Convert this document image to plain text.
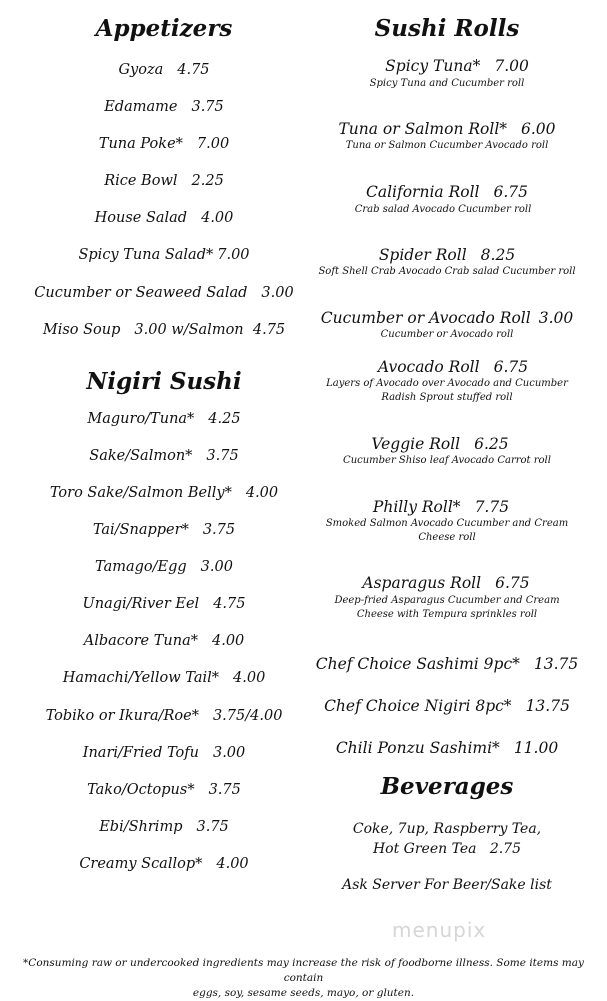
Appetizers
Gyoza 4.75
Edamame 3.75
Tuna Poke* 7.00
Rice Bowl 2.25
House Salad 4.00
Spicy Tuna Salad* 7.00
Cucumber or Seaweed Salad 3.00
Miso Soup 3.00 w/Salmon  4.75
Nigiri Sushi
Maguro/Tuna* 4.25
Sake/Salmon* 3.75
Toro Sake/Salmon Belly* 4.00
Tai/Snapper* 3.75
Tamago/Egg 3.00
Unagi/River Eel 4.75
Albacore Tuna* 4.00
Hamachi/Yellow Tail* 4.00
Tobiko or Ikura/Roe* 3.75/4.00
Inari/Fried Tofu 3.00
Tako/Octopus* 3.75
Ebi/Shrimp 3.75
Creamy Scallop* 4.00
Sushi Rolls
Spicy Tuna* 7.00
Spicy Tuna and Cucumber roll
Tuna or Salmon Roll* 6.00
Tuna or Salmon Cucumber Avocado roll
California Roll 6.75
Crab salad Avocado Cucumber roll
Spider Roll 8.25
Soft Shell Crab Avocado Crab salad Cucumber roll
Cucumber or Avocado Roll 3.00
Cucumber or Avocado roll
Avocado Roll 6.75
Layers of Avocado over Avocado and Cucumber
Radish Sprout stuffed roll
Veggie Roll 6.25
Cucumber Shiso leaf Avocado Carrot roll
Philly Roll* 7.75
Smoked Salmon Avocado Cucumber and Cream
Cheese roll
Asparagus Roll 6.75
Deep-fried Asparagus Cucumber and Cream
Cheese with Tempura sprinkles roll
Chef Choice Sashimi 9pc* 13.75
Chef Choice Nigiri 8pc* 13.75
Chili Ponzu Sashimi* 11.00
Beverages
Coke, 7up, Raspberry Tea,
Hot Green Tea   2.75
Ask Server For Beer/Sake list
menupix
*Consuming raw or undercooked ingredients may increase the risk of foodborne illness. Some items may contain
eggs, soy, sesame seeds, mayo, or gluten.
